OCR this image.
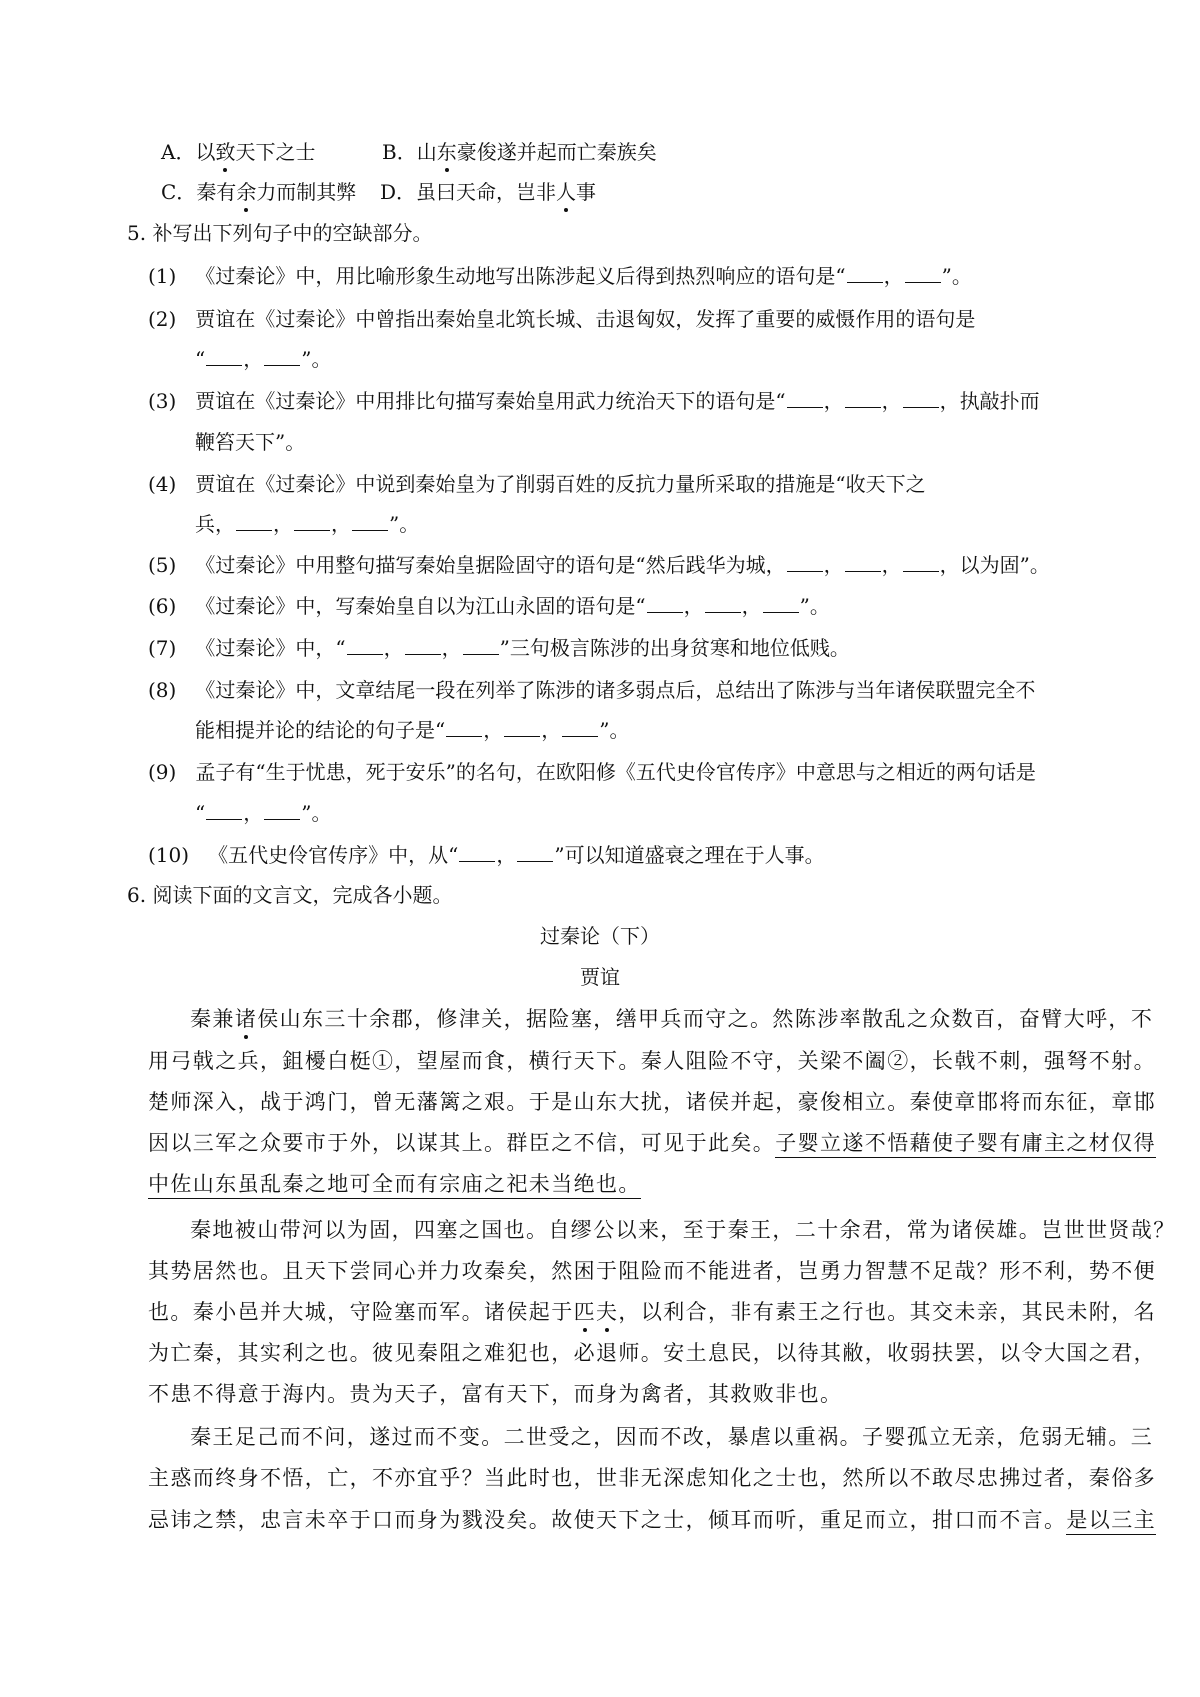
A．以致天下之士	B．山东豪俊遂并起而亡秦族矣
C．秦有余力而制其弊 D．虽曰天命，岂非人事
5. 补写出下列句子中的空缺部分。
(1) 《过秦论》中，用比喻形象生动地写出陈涉起义后得到热烈响应的语句是“ ， ”。
(2) 贾谊在《过秦论》中曾指出秦始皇北筑长城、击退匈奴，发挥了重要的威慑作用的语句是
“ ， ”。
(3) 贾谊在《过秦论》中用排比句描写秦始皇用武力统治天下的语句是“ ， ， ，执敲扑而
鞭笞天下”。
(4) 贾谊在《过秦论》中说到秦始皇为了削弱百姓的反抗力量所采取的措施是“收天下之
兵， ， ， ”。
(5) 《过秦论》中用整句描写秦始皇据险固守的语句是“然后践华为城， ， ， ，以为固”。
(6) 《过秦论》中，写秦始皇自以为江山永固的语句是“ ， ， ”。
(7) 《过秦论》中，“ ， ， ”三句极言陈涉的出身贫寒和地位低贱。
(8) 《过秦论》中，文章结尾一段在列举了陈涉的诸多弱点后，总结出了陈涉与当年诸侯联盟完全不
能相提并论的结论的句子是“ ， ， ”。
(9) 孟子有“生于忧患，死于安乐”的名句，在欧阳修《五代史伶官传序》中意思与之相近的两句话是
“ ， ”。
(10) 《五代史伶官传序》中，从“ ， ”可以知道盛衰之理在于人事。
6. 阅读下面的文言文，完成各小题。
过秦论（下）
贾谊
秦兼诸侯山东三十余郡，修津关，据险塞，缮甲兵而守之。然陈涉率散乱之众数百，奋臂大呼，不
用弓戟之兵，鉏櫌白梃①，望屋而食，横行天下。秦人阻险不守，关梁不阖②，长戟不刺，强弩不射。
楚师深入，战于鸿门，曾无藩篱之艰。于是山东大扰，诸侯并起，豪俊相立。秦使章邯将而东征，章邯
因以三军之众要市于外，以谋其上。群臣之不信，可见于此矣。子婴立遂不悟藉使子婴有庸主之材仅得
中佐山东虽乱秦之地可全而有宗庙之祀未当绝也。
秦地被山带河以为固，四塞之国也。自缪公以来，至于秦王，二十余君，常为诸侯雄。岂世世贤哉？
其势居然也。且天下尝同心并力攻秦矣，然困于阻险而不能进者，岂勇力智慧不足哉？形不利，势不便
也。秦小邑并大城，守险塞而军。诸侯起于匹夫，以利合，非有素王之行也。其交未亲，其民未附，名
为亡秦，其实利之也。彼见秦阻之难犯也，必退师。安土息民，以待其敝，收弱扶罢，以令大国之君，
不患不得意于海内。贵为天子，富有天下，而身为禽者，其救败非也。
秦王足己而不问，遂过而不变。二世受之，因而不改，暴虐以重祸。子婴孤立无亲，危弱无辅。三
主惑而终身不悟，亡，不亦宜乎？当此时也，世非无深虑知化之士也，然所以不敢尽忠拂过者，秦俗多
忌讳之禁，忠言未卒于口而身为戮没矣。故使天下之士，倾耳而听，重足而立，拑口而不言。是以三主
